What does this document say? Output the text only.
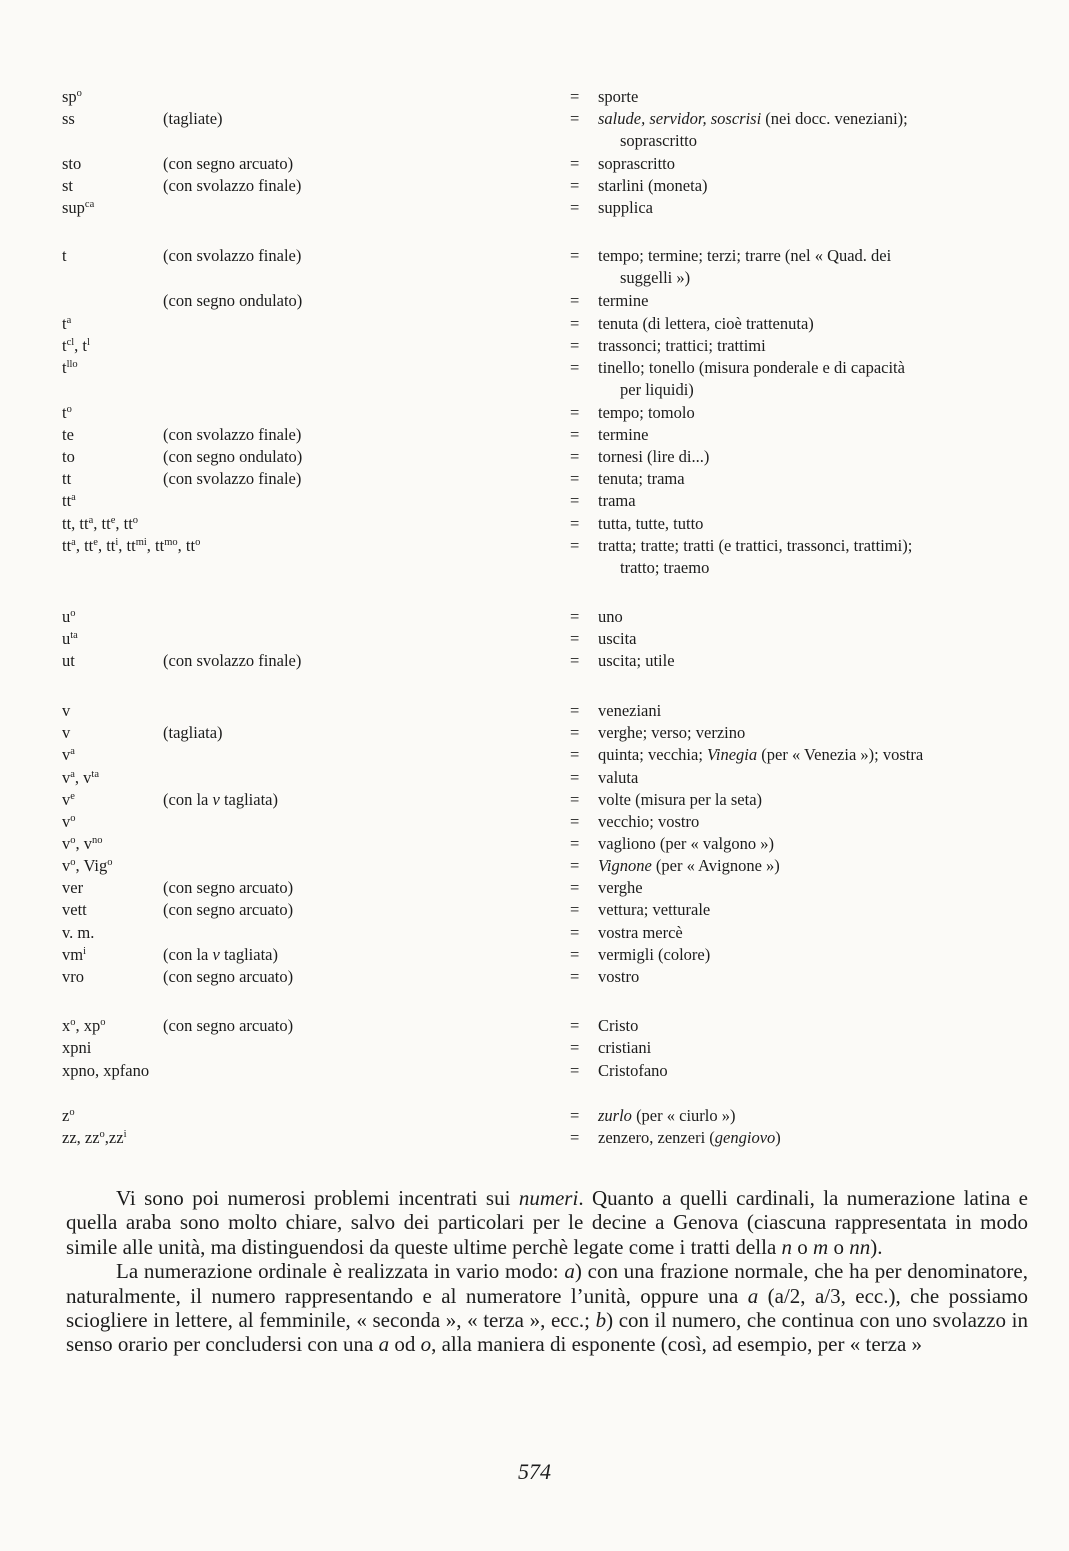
$sp^o$	= sporte
ss	(tagliate)	= salude, servidor, soscrisi (nei docc. veneziani);
soprascritto
sto	(con segno arcuato)	= soprascritto
st	(con svolazzo finale)	= starlini (moneta)
sup$^{ca}$	= supplica
t	(con svolazzo finale)	= tempo; termine; terzi; trarre (nel « Quad. dei
suggelli »)
(con segno ondulato)	= termine
$t^a$	= tenuta (di lettera, cioè trattenuta)
$t^{cl}$, $t^l$	= trassonci; trattici; trattimi
$t^{llo}$	= tinello; tonello (misura ponderale e di capacità
per liquidi)
$t^o$	= tempo; tomolo
te	(con svolazzo finale)	= termine
to	(con segno ondulato)	= tornesi (lire di...)
tt	(con svolazzo finale)	= tenuta; trama
$tt^a$	= trama
tt, $tt^a$, $tt^e$, $tt^o$	= tutta, tutte, tutto
$tt^a$, $tt^e$, $tt^i$, $tt^{mi}$, $tt^{mo}$, $tt^o$	= tratta; tratte; tratti (e trattici, trassonci, trattimi);
tratto; traemo
$u^o$	= uno
$u^{ta}$	= uscita
ut	(con svolazzo finale)	= uscita; utile
v	= veneziani
v	(tagliata)	= verghe; verso; verzino
$v^a$	= quinta; vecchia; Vinegia (per « Venezia »); vostra
$v^a$, $v^{ta}$	= valuta
$v^e$	(con la v tagliata)	= volte (misura per la seta)
$v^o$	= vecchio; vostro
$v^o$, $v^{no}$	= vagliono (per « valgono »)
$v^o$, Vig$^o$	= Vignone (per « Avignone »)
ver	(con segno arcuato)	= verghe
vett	(con segno arcuato)	= vettura; vetturale
v. m.	= vostra mercè
$vm^i$	(con la v tagliata)	= vermigli (colore)
vro	(con segno arcuato)	= vostro
$x^o$, $xp^o$	(con segno arcuato)	= Cristo
xpni	= cristiani
xpno, xpfano	= Cristofano
$z^o$	= zurlo (per « ciurlo »)
zz, $zz^o,zz^i$	= zenzero, zenzeri (gengiovo)

Vi sono poi numerosi problemi incentrati sui numeri. Quanto a quelli cardinali, la numerazione latina e quella araba sono molto chiare, salvo dei particolari per le decine a Genova (ciascuna rappresentata in modo simile alle unità, ma distinguendosi da queste ultime perchè legate come i tratti della n o m o nn).

La numerazione ordinale è realizzata in vario modo: a) con una frazione normale, che ha per denominatore, naturalmente, il numero rappresentando e al numeratore l’unità, oppure una a (a/2, a/3, ecc.), che possiamo sciogliere in lettere, al femminile, « seconda », « terza », ecc.; b) con il numero, che continua con uno svolazzo in senso orario per concludersi con una a od o, alla maniera di esponente (così, ad esempio, per « terza »

574
